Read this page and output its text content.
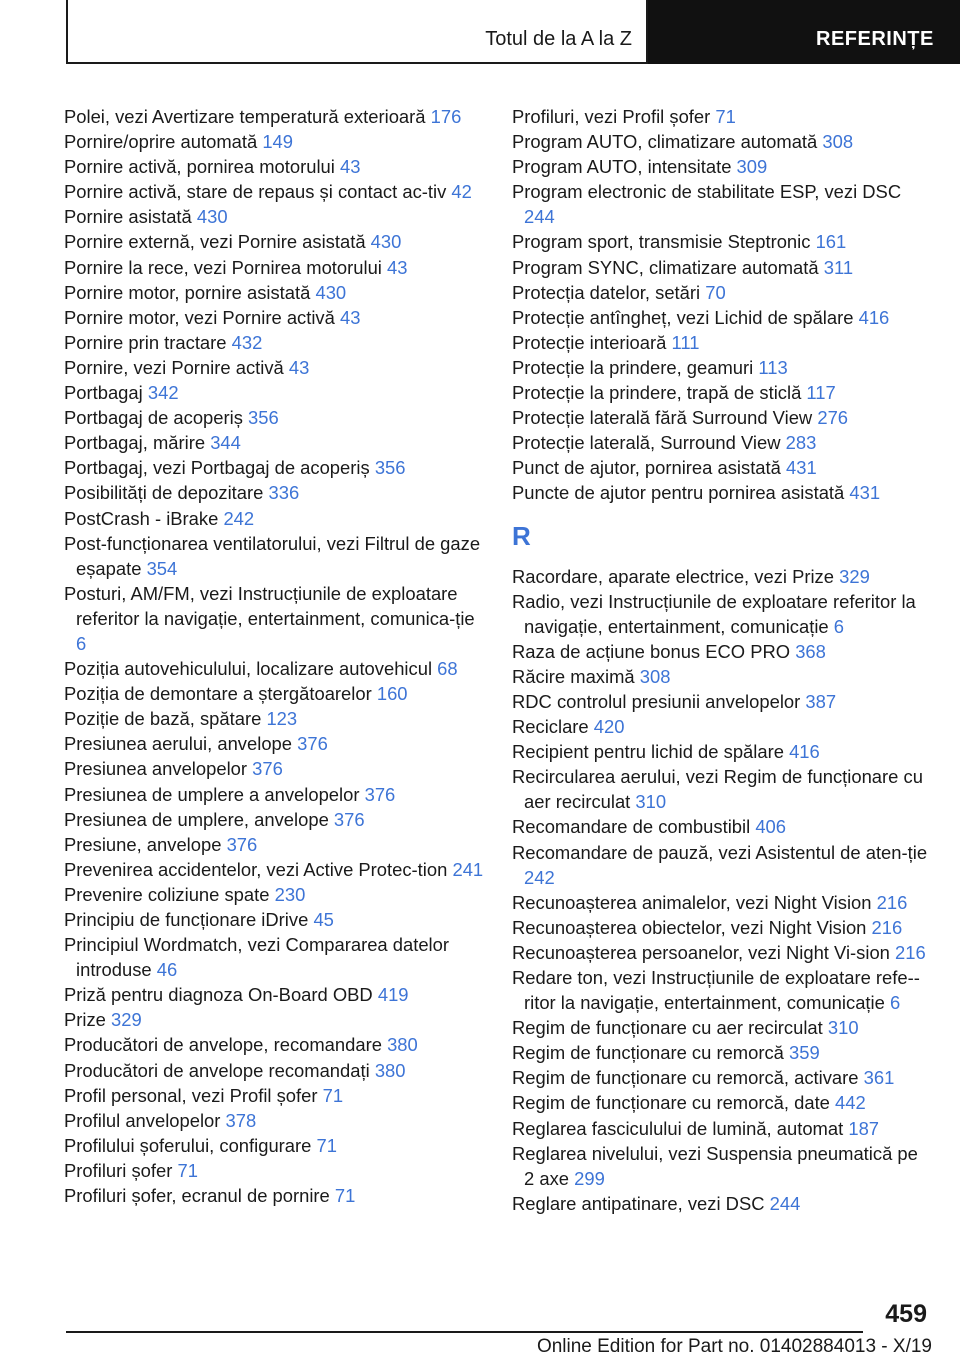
Totul de la A la Z	REFERINȚE

Polei, vezi Avertizare temperatură exterioară 176

Pornire/oprire automată 149

Pornire activă, pornirea motorului 43

Pornire activă, stare de repaus și contact ac-tiv 42

Pornire asistată 430

Pornire externă, vezi Pornire asistată 430

Pornire la rece, vezi Pornirea motorului 43

Pornire motor, pornire asistată 430

Pornire motor, vezi Pornire activă 43

Pornire prin tractare 432

Pornire, vezi Pornire activă 43

Portbagaj 342

Portbagaj de acoperiș 356

Portbagaj, mărire 344

Portbagaj, vezi Portbagaj de acoperiș 356

Posibilități de depozitare 336

PostCrash - iBrake 242

Post-funcționarea ventilatorului, vezi Filtrul de gaze eșapate 354

Posturi, AM/FM, vezi Instrucțiunile de exploatare referitor la navigație, entertainment, comunica-ție 6

Poziția autovehiculului, localizare autovehicul 68

Poziția de demontare a ștergătoarelor 160

Poziție de bază, spătare 123

Presiunea aerului, anvelope 376

Presiunea anvelopelor 376

Presiunea de umplere a anvelopelor 376

Presiunea de umplere, anvelope 376

Presiune, anvelope 376

Prevenirea accidentelor, vezi Active Protec-tion 241

Prevenire coliziune spate 230

Principiu de funcționare iDrive 45

Principiul Wordmatch, vezi Compararea datelor introduse 46

Priză pentru diagnoza On-Board OBD 419

Prize 329

Producători de anvelope, recomandare 380

Producători de anvelope recomandați 380

Profil personal, vezi Profil șofer 71

Profilul anvelopelor 378

Profilului șoferului, configurare 71

Profiluri șofer 71

Profiluri șofer, ecranul de pornire 71

Profiluri, vezi Profil șofer 71

Program AUTO, climatizare automată 308

Program AUTO, intensitate 309

Program electronic de stabilitate ESP, vezi DSC 244

Program sport, transmisie Steptronic 161

Program SYNC, climatizare automată 311

Protecția datelor, setări 70

Protecție antîngheț, vezi Lichid de spălare 416

Protecție interioară 111

Protecție la prindere, geamuri 113

Protecție la prindere, trapă de sticlă 117

Protecție laterală fără Surround View 276

Protecție laterală, Surround View 283

Punct de ajutor, pornirea asistată 431

Puncte de ajutor pentru pornirea asistată 431

R

Racordare, aparate electrice, vezi Prize 329

Radio, vezi Instrucțiunile de exploatare referitor la navigație, entertainment, comunicație 6

Raza de acțiune bonus ECO PRO 368

Răcire maximă 308

RDC controlul presiunii anvelopelor 387

Reciclare 420

Recipient pentru lichid de spălare 416

Recircularea aerului, vezi Regim de funcționare cu aer recirculat 310

Recomandare de combustibil 406

Recomandare de pauză, vezi Asistentul de aten-ție 242

Recunoașterea animalelor, vezi Night Vision 216

Recunoașterea obiectelor, vezi Night Vision 216

Recunoașterea persoanelor, vezi Night Vi-sion 216

Redare ton, vezi Instrucțiunile de exploatare refe-ritor la navigație, entertainment, comunicație 6

Regim de funcționare cu aer recirculat 310

Regim de funcționare cu remorcă 359

Regim de funcționare cu remorcă, activare 361

Regim de funcționare cu remorcă, date 442

Reglarea fasciculului de lumină, automat 187

Reglarea nivelului, vezi Suspensia pneumatică pe 2 axe 299

Reglare antipatinare, vezi DSC 244

459
Online Edition for Part no. 01402884013 - X/19
